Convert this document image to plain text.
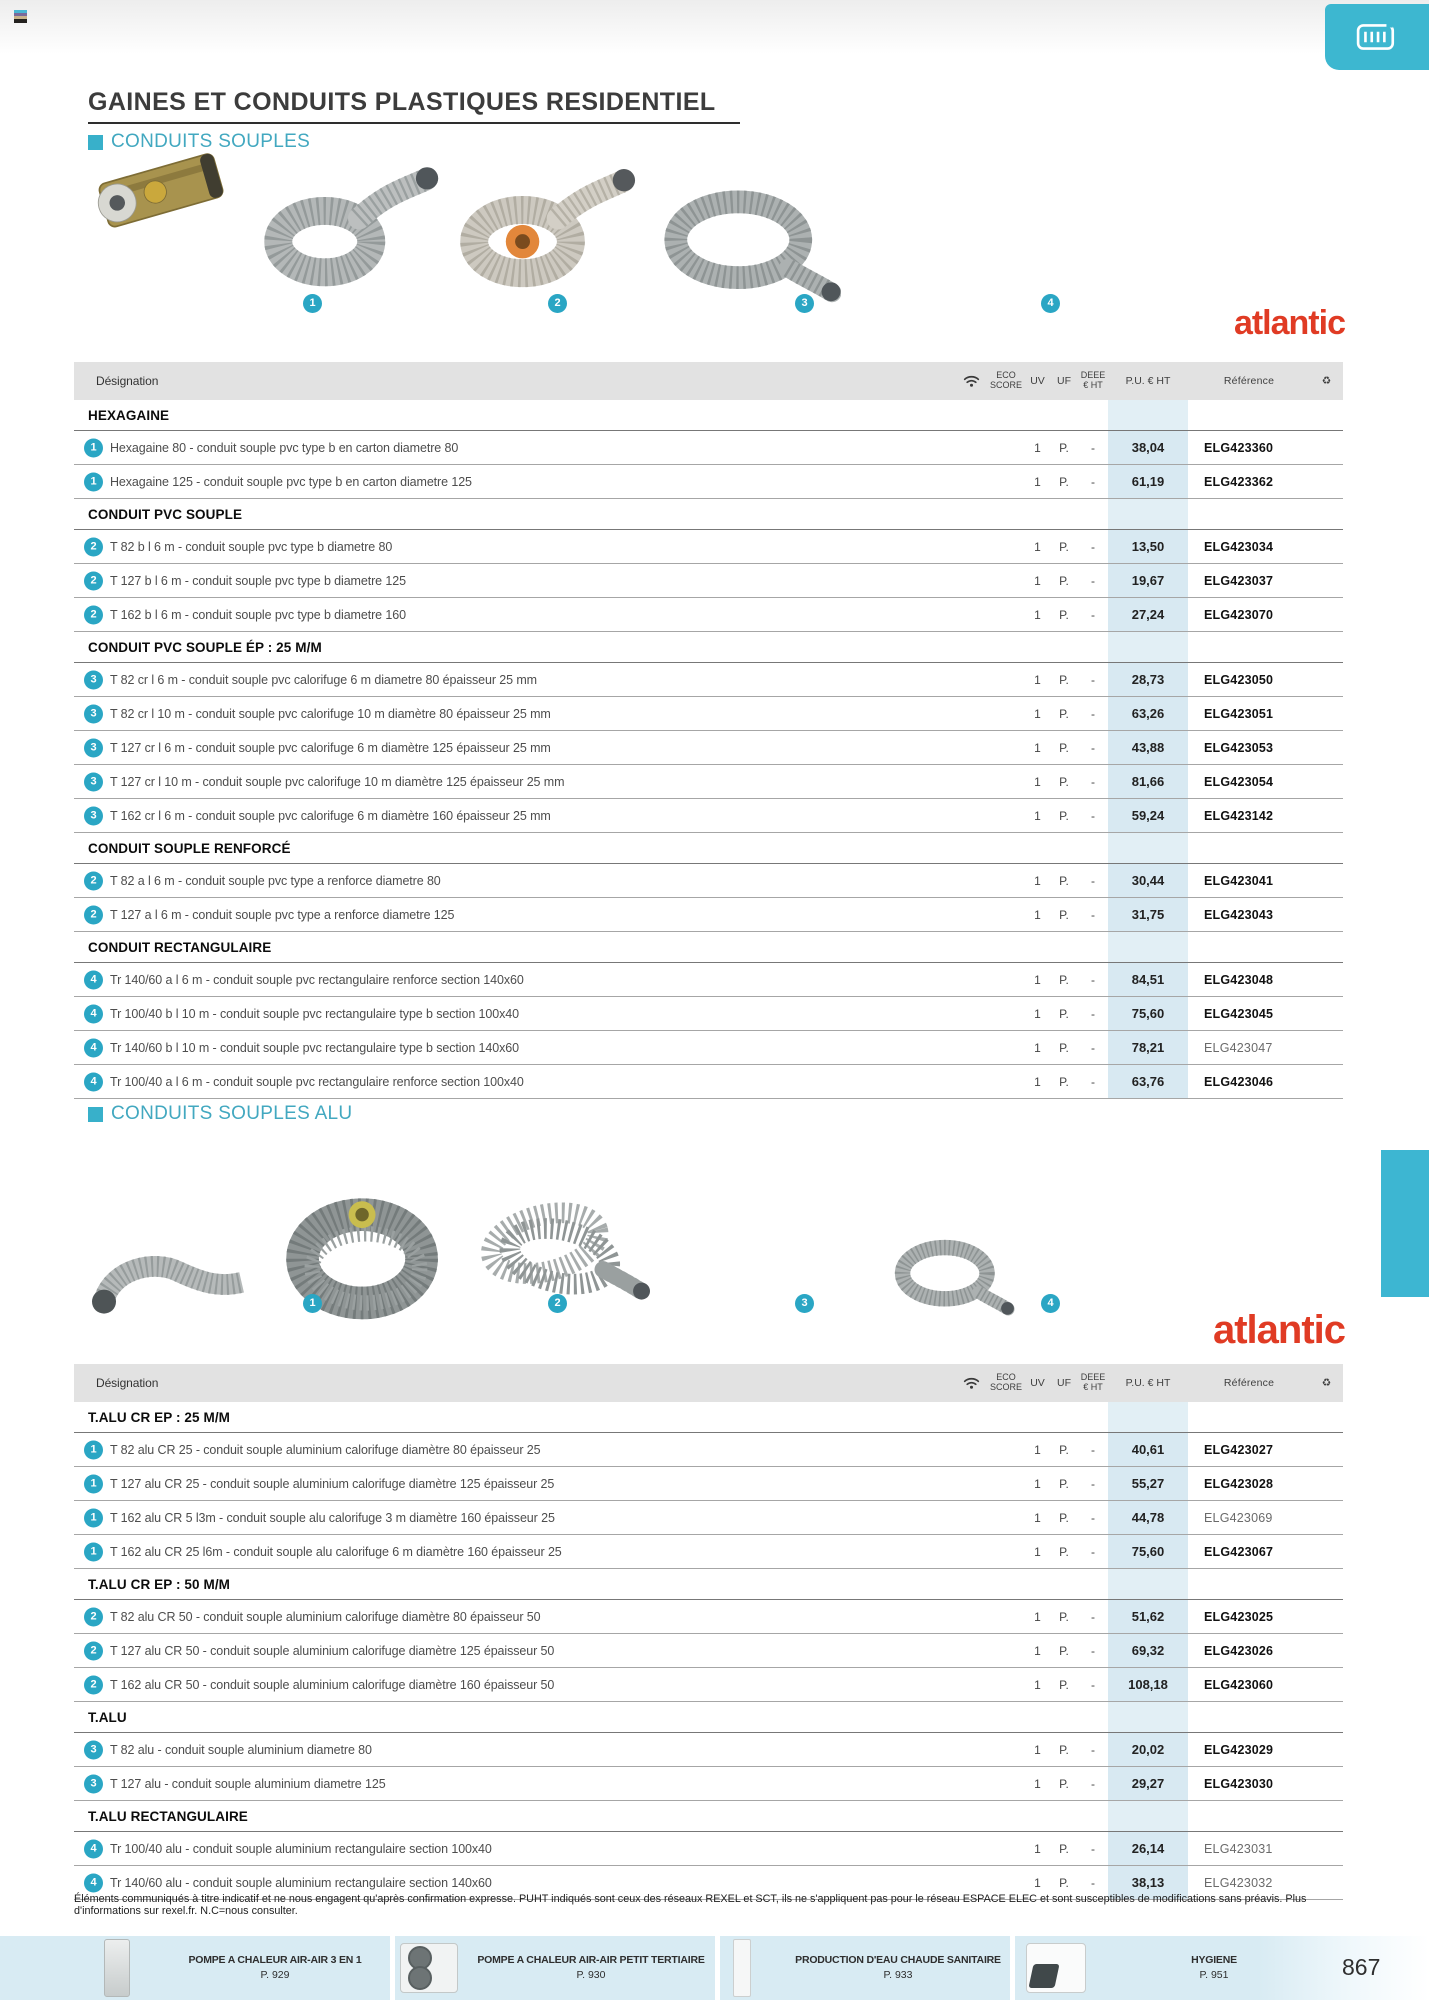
GAINES ET CONDUITS PLASTIQUES RESIDENTIEL
CONDUITS SOUPLES
1	2	3	4
atlantic
Désignation	ECO
SCORE UV	UF	DEEE
€ HT	P.U. € HT	Référence	♻
HEXAGAINE
1	Hexagaine 80 - conduit souple pvc type b en carton diametre 80	1	P.	-	38,04	ELG423360
1	Hexagaine 125 - conduit souple pvc type b en carton diametre 125	1	P.	-	61,19	ELG423362
CONDUIT PVC SOUPLE
2	T 82 b l 6 m - conduit souple pvc type b diametre 80	1	P.	-	13,50	ELG423034
2	T 127 b l 6 m - conduit souple pvc type b diametre 125	1	P.	-	19,67	ELG423037
2	T 162 b l 6 m - conduit souple pvc type b diametre 160	1	P.	-	27,24	ELG423070
CONDUIT PVC SOUPLE ÉP : 25 M/M
3	T 82 cr l 6 m - conduit souple pvc calorifuge 6 m diametre 80 épaisseur 25 mm	1	P.	-	28,73	ELG423050
3	T 82 cr l 10 m - conduit souple pvc calorifuge 10 m diamètre 80 épaisseur 25 mm	1	P.	-	63,26	ELG423051
3	T 127 cr l 6 m - conduit souple pvc calorifuge 6 m diamètre 125 épaisseur 25 mm	1	P.	-	43,88	ELG423053
3	T 127 cr l 10 m - conduit souple pvc calorifuge 10 m diamètre 125 épaisseur 25 mm	1	P.	-	81,66	ELG423054
3	T 162 cr l 6 m - conduit souple pvc calorifuge 6 m diamètre 160 épaisseur 25 mm	1	P.	-	59,24	ELG423142
CONDUIT SOUPLE RENFORCÉ
2	T 82 a l 6 m - conduit souple pvc type a renforce diametre 80	1	P.	-	30,44	ELG423041
2	T 127 a l 6 m - conduit souple pvc type a renforce diametre 125	1	P.	-	31,75	ELG423043
CONDUIT RECTANGULAIRE
4	Tr 140/60 a l 6 m - conduit souple pvc rectangulaire renforce section 140x60	1	P.	-	84,51	ELG423048
4	Tr 100/40 b l 10 m - conduit souple pvc rectangulaire type b section 100x40	1	P.	-	75,60	ELG423045
4	Tr 140/60 b l 10 m - conduit souple pvc rectangulaire type b section 140x60	1	P.	-	78,21	ELG423047
4	Tr 100/40 a l 6 m - conduit souple pvc rectangulaire renforce section 100x40	1	P.	-	63,76	ELG423046
CONDUITS SOUPLES ALU
1	2	3	4
atlantic
Désignation	ECO
SCORE UV	UF	DEEE
€ HT	P.U. € HT	Référence	♻
T.ALU CR EP : 25 M/M
1	T 82 alu CR 25 - conduit souple aluminium calorifuge diamètre 80 épaisseur 25	1	P.	-	40,61	ELG423027
1	T 127 alu CR 25 - conduit souple aluminium calorifuge diamètre 125 épaisseur 25	1	P.	-	55,27	ELG423028
1	T 162 alu CR 5 l3m - conduit souple alu calorifuge 3 m diamètre 160 épaisseur 25	1	P.	-	44,78	ELG423069
1	T 162 alu CR 25 l6m - conduit souple alu calorifuge 6 m diamètre 160 épaisseur 25	1	P.	-	75,60	ELG423067
T.ALU CR EP : 50 M/M
2	T 82 alu CR 50 - conduit souple aluminium calorifuge diamètre 80 épaisseur 50	1	P.	-	51,62	ELG423025
2	T 127 alu CR 50 - conduit souple aluminium calorifuge diamètre 125 épaisseur 50	1	P.	-	69,32	ELG423026
2	T 162 alu CR 50 - conduit souple aluminium calorifuge diamètre 160 épaisseur 50	1	P.	-	108,18	ELG423060
T.ALU
3	T 82 alu - conduit souple aluminium diametre 80	1	P.	-	20,02	ELG423029
3	T 127 alu - conduit souple aluminium diametre 125	1	P.	-	29,27	ELG423030
T.ALU RECTANGULAIRE
4	Tr 100/40 alu - conduit souple aluminium rectangulaire section 100x40	1	P.	-	26,14	ELG423031
4	Tr 140/60 alu - conduit souple aluminium rectangulaire section 140x60	1	P.	-	38,13	ELG423032
Éléments communiqués à titre indicatif et ne nous engagent qu'après confirmation expresse. PUHT indiqués sont ceux des réseaux REXEL et SCT, ils ne s'appliquent pas pour le réseau ESPACE ELEC et sont susceptibles de modifications sans préavis. Plus d'informations sur rexel.fr. N.C=nous consulter.
POMPE A CHALEUR AIR-AIR 3 EN 1
P. 929
POMPE A CHALEUR AIR-AIR PETIT TERTIAIRE
P. 930
PRODUCTION D'EAU CHAUDE SANITAIRE
P. 933
HYGIENE
P. 951	867
